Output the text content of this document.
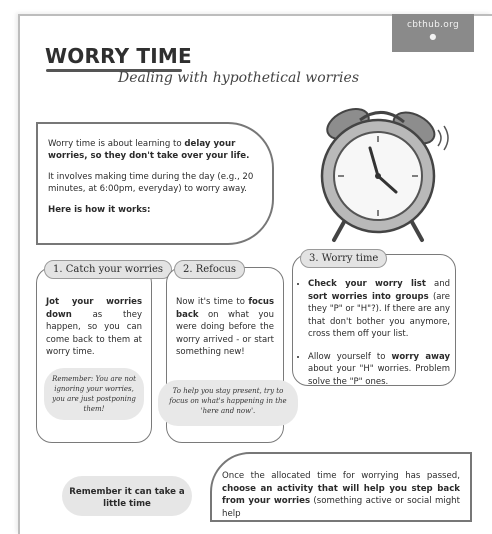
cbthub.org
●
WORRY TIME
Dealing with hypothetical worries

Worry time is about learning to delay your worries, so they don't take over your life.

It involves making time during the day (e.g., 20 minutes, at 6:00pm, everyday) to worry away.

Here is how it works:

1. Catch your worries
Jot your worries down as they happen, so you can come back to them at worry time.
Remember: You are not ignoring your worries, you are just postponing them!
2. Refocus
Now it's time to focus back on what you were doing before the worry arrived - or start something new!
To help you stay present, try to focus on what's happening in the 'here and now'.
3. Worry time
• Check your worry list and sort worries into groups (are they "P" or "H"?). If there are any that don't bother you anymore, cross them off your list.
• Allow yourself to worry away about your "H" worries. Problem solve the "P" ones.
Remember it can take a little time
Once the allocated time for worrying has passed, choose an activity that will help you step back from your worries (something active or social might help
